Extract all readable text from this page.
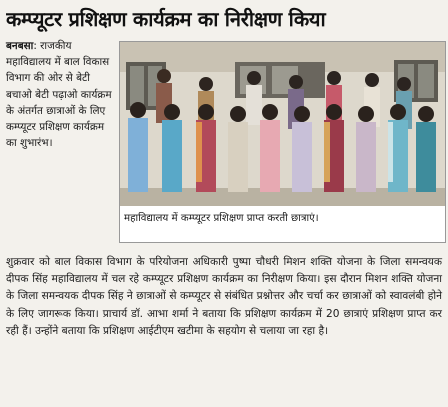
कम्प्यूटर प्रशिक्षण कार्यक्रम का निरीक्षण किया
बनबसा: राजकीय महाविद्यालय में बाल विकास विभाग की ओर से बेटी बचाओ बेटी पढ़ाओ कार्यक्रम के अंतर्गत छात्राओं के लिए कम्प्यूटर प्रशिक्षण कार्यक्रम का शुभारंभ।
महाविद्यालय में कम्प्यूटर प्रशिक्षण प्राप्त करती छात्राएं।
शुक्रवार को बाल विकास विभाग के परियोजना अधिकारी पुष्पा चौधरी मिशन शक्ति योजना के जिला समन्वयक दीपक सिंह महाविद्यालय में चल रहे कम्प्यूटर प्रशिक्षण कार्यक्रम का निरीक्षण किया। इस दौरान मिशन शक्ति योजना के जिला समन्वयक दीपक सिंह ने छात्राओं से कम्प्यूटर से संबंधित प्रश्नोत्तर और चर्चा कर छात्राओं को स्वावलंबी होने के लिए जागरूक किया। प्राचार्य डॉ. आभा शर्मा ने बताया कि प्रशिक्षण कार्यक्रम में 20 छात्राएं प्रशिक्षण प्राप्त कर रही हैं। उन्होंने बताया कि प्रशिक्षण आईटीएम खटीमा के सहयोग से चलाया जा रहा है।
